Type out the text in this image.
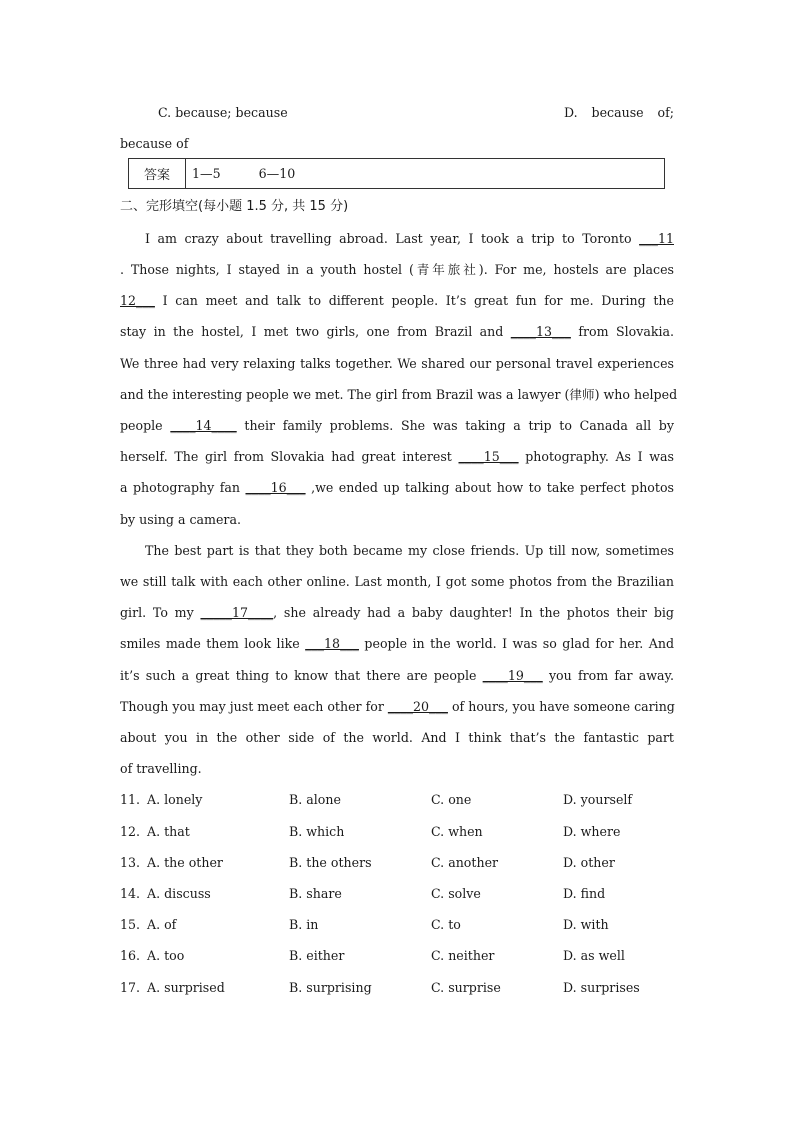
C. because; because	D. because of;
because of
答案	1—5	6—10
二、完形填空(每小题 1.5 分, 共 15 分)
I am crazy about travelling abroad. Last year, I took a trip to Toronto ___11
. Those nights, I stayed in a youth hostel (青年旅社). For me, hostels are places
12___ I can meet and talk to different people. It’s great fun for me. During the
stay in the hostel, I met two girls, one from Brazil and ____13___ from Slovakia.
We three had very relaxing talks together. We shared our personal travel experiences
and the interesting people we met. The girl from Brazil was a lawyer (律师) who helped
people ____14____ their family problems. She was taking a trip to Canada all by
herself. The girl from Slovakia had great interest ____15___ photography. As I was
a photography fan ____16___ ,we ended up talking about how to take perfect photos
by using a camera.
The best part is that they both became my close friends. Up till now, sometimes
we still talk with each other online. Last month, I got some photos from the Brazilian
girl. To my _____17____, she already had a baby daughter! In the photos their big
smiles made them look like ___18___ people in the world. I was so glad for her. And
it’s such a great thing to know that there are people ____19___ you from far away.
Though you may just meet each other for ____20___ of hours, you have someone caring
about you in the other side of the world. And I think that’s the fantastic part
of travelling.
11. A. lonely	B. alone	C. one	D. yourself
12. A. that	B. which	C. when	D. where
13. A. the other	B. the others	C. another	D. other
14. A. discuss	B. share	C. solve	D. find
15. A. of	B. in	C. to	D. with
16. A. too	B. either	C. neither	D. as well
17. A. surprised	B. surprising	C. surprise	D. surprises
